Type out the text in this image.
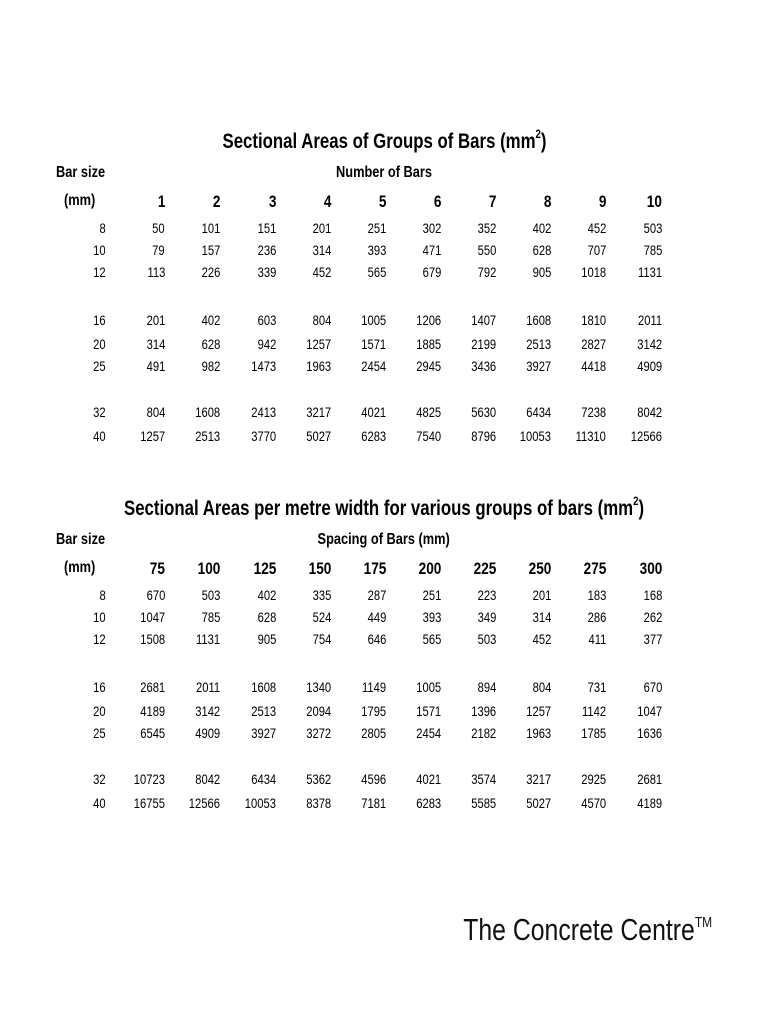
Sectional Areas of Groups of Bars $(mm^2)$
Bar size	Number of Bars
(mm)	1	2	3	4	5	6	7	8	9	10
8	50	101	151	201	251	302	352	402	452	503
10	79	157	236	314	393	471	550	628	707	785
12	113	226	339	452	565	679	792	905	1018	1131
16	201	402	603	804	1005	1206	1407	1608	1810	2011
20	314	628	942	1257	1571	1885	2199	2513	2827	3142
25	491	982	1473	1963	2454	2945	3436	3927	4418	4909
32	804	1608	2413	3217	4021	4825	5630	6434	7238	8042
40	1257	2513	3770	5027	6283	7540	8796	10053	11310	12566
Sectional Areas per metre width for various groups of bars $(mm^2)$
Bar size	Spacing of Bars (mm)
(mm)	75	100	125	150	175	200	225	250	275	300
8	670	503	402	335	287	251	223	201	183	168
10	1047	785	628	524	449	393	349	314	286	262
12	1508	1131	905	754	646	565	503	452	411	377
16	2681	2011	1608	1340	1149	1005	894	804	731	670
20	4189	3142	2513	2094	1795	1571	1396	1257	1142	1047
25	6545	4909	3927	3272	2805	2454	2182	1963	1785	1636
32	10723	8042	6434	5362	4596	4021	3574	3217	2925	2681
40	16755	12566	10053	8378	7181	6283	5585	5027	4570	4189
The Concrete Centre™
